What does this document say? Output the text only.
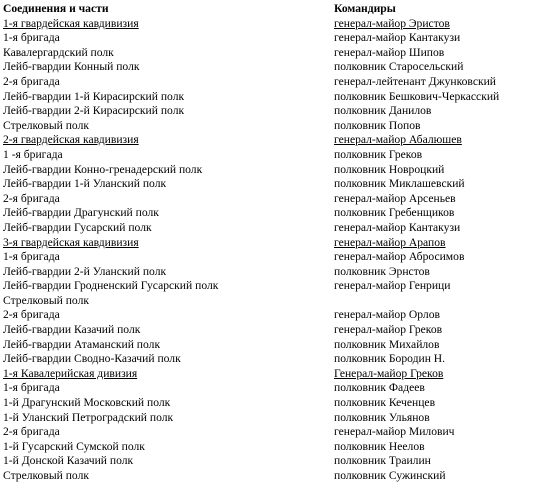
Соединения и части	Командиры
1-я гвардейская кавдивизия	генерал-майор Эристов
1-я бригада	генерал-майор Кантакузи
Кавалергардский полк	генерал-майор Шипов
Лейб-гвардии Конный полк	полковник Старосельский
2-я бригада	генерал-лейтенант Джунковский
Лейб-гвардии 1-й Кирасирский полк	полковник Бешкович-Черкасский
Лейб-гвардии 2-й Кирасирский полк	полковник Данилов
Стрелковый полк	полковник Попов
2-я гвардейская кавдивизия	генерал-майор Абалюшев
1 -я бригада	полковник Греков
Лейб-гвардии Конно-гренадерский полк	полковник Новроцкий
Лейб-гвардии 1-й Уланский полк	полковник Миклашевский
2-я бригада	генерал-майор Арсеньев
Лейб-гвардии Драгунский полк	полковник Гребенщиков
Лейб-гвардии Гусарский полк	генерал-майор Кантакузи
3-я гвардейская кавдивизия	генерал-майор Арапов
1-я бригада	генерал-майор Абросимов
Лейб-гвардии 2-й Уланский полк	полковник Эрнстов
Лейб-гвардии Гродненский Гусарский полк	генерал-майор Генрици
Стрелковый полк	
2-я бригада	генерал-майор Орлов
Лейб-гвардии Казачий полк	генерал-майор Греков
Лейб-гвардии Атаманский полк	полковник Михайлов
Лейб-гвардии Сводно-Казачий полк	полковник Бородин Н.
1-я Кавалерийская дивизия	Генерал-майор Греков
1-я бригада	полковник Фадеев
1-й Драгунский Московский полк	полковник Кеченцев
1-й Уланский Петроградский полк	полковник Ульянов
2-я бригада	генерал-майор Милович
1-й Гусарский Сумской полк	полковник Неелов
1-й Донской Казачий полк	полковник Траилин
Стрелковый полк	полковник Сужинский
